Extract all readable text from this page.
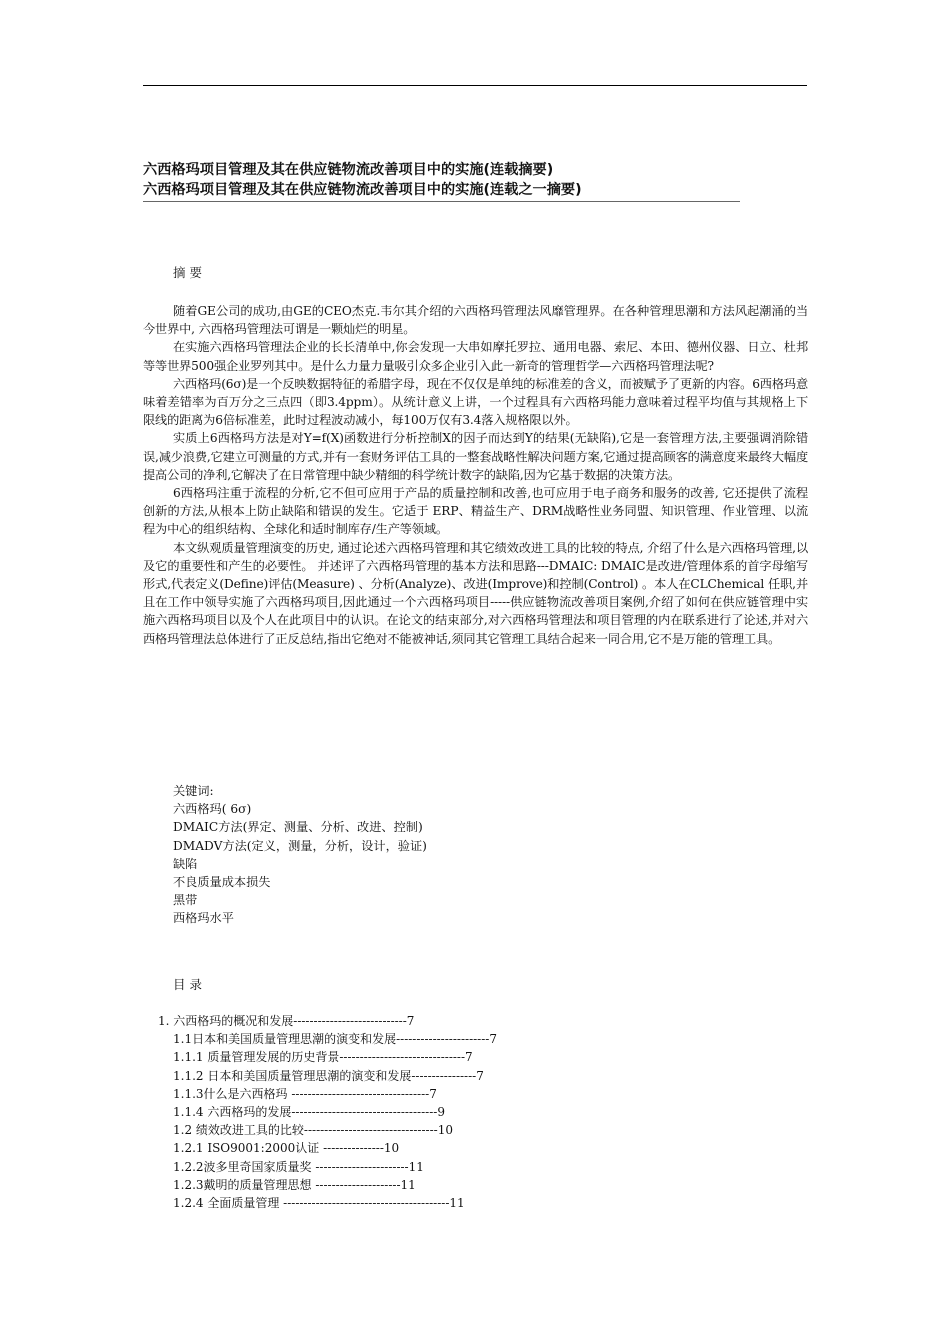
六西格玛项目管理及其在供应链物流改善项目中的实施(连载摘要)
六西格玛项目管理及其在供应链物流改善项目中的实施(连载之一摘要)
摘 要

随着GE公司的成功,由GE的CEO杰克.韦尔其介绍的六西格玛管理法风靡管理界。在各种管理思潮和方法风起潮涌的当今世界中, 六西格玛管理法可谓是一颗灿烂的明星。

在实施六西格玛管理法企业的长长清单中,你会发现一大串如摩托罗拉、通用电器、索尼、本田、德州仪器、日立、杜邦等等世界500强企业罗列其中。是什么力量力量吸引众多企业引入此一新奇的管理哲学—六西格玛管理法呢?

六西格玛(6σ)是一个反映数据特征的希腊字母，现在不仅仅是单纯的标准差的含义，而被赋予了更新的内容。6西格玛意味着差错率为百万分之三点四（即3.4ppm）。从统计意义上讲，一个过程具有六西格玛能力意味着过程平均值与其规格上下限线的距离为6倍标准差，此时过程波动减小，每100万仅有3.4落入规格限以外。

实质上6西格玛方法是对Y=f(X)函数进行分析控制X的因子而达到Y的结果(无缺陷),它是一套管理方法,主要强调消除错误,减少浪费,它建立可测量的方式,并有一套财务评估工具的一整套战略性解决问题方案,它通过提高顾客的满意度来最终大幅度提高公司的净利,它解决了在日常管理中缺少精细的科学统计数字的缺陷,因为它基于数据的决策方法。

6西格玛注重于流程的分析,它不但可应用于产品的质量控制和改善,也可应用于电子商务和服务的改善, 它还提供了流程创新的方法,从根本上防止缺陷和错误的发生。它适于 ERP、精益生产、DRM战略性业务同盟、知识管理、作业管理、以流程为中心的组织结构、全球化和适时制库存/生产等领域。

本文纵观质量管理演变的历史, 通过论述六西格玛管理和其它绩效改进工具的比较的特点, 介绍了什么是六西格玛管理,以及它的重要性和产生的必要性。 并述评了六西格玛管理的基本方法和思路---DMAIC: DMAIC是改进/管理体系的首字母缩写形式,代表定义(Define)评估(Measure) 、分析(Analyze)、改进(Improve)和控制(Control) 。本人在CLChemical 任职,并且在工作中领导实施了六西格玛项目,因此通过一个六西格玛项目-----供应链物流改善项目案例,介绍了如何在供应链管理中实施六西格玛项目以及个人在此项目中的认识。在论文的结束部分,对六西格玛管理法和项目管理的内在联系进行了论述,并对六西格玛管理法总体进行了正反总结,指出它绝对不能被神话,须同其它管理工具结合起来一同合用,它不是万能的管理工具。

关键词:

六西格玛( 6σ)

DMAIC方法(界定、测量、分析、改进、控制)

DMADV方法(定义，测量，分析，设计，验证)

缺陷

不良质量成本损失

黑带

西格玛水平

目 录

1. 六西格玛的概况和发展----------------------------7

1.1日本和美国质量管理思潮的演变和发展-----------------------7

1.1.1 质量管理发展的历史背景-------------------------------7

1.1.2 日本和美国质量管理思潮的演变和发展----------------7

1.1.3什么是六西格玛 ----------------------------------7

1.1.4 六西格玛的发展------------------------------------9

1.2 绩效改进工具的比较---------------------------------10

1.2.1 ISO9001:2000认证 ---------------10

1.2.2波多里奇国家质量奖 -----------------------11

1.2.3戴明的质量管理思想 ---------------------11

1.2.4 全面质量管理 -----------------------------------------11
